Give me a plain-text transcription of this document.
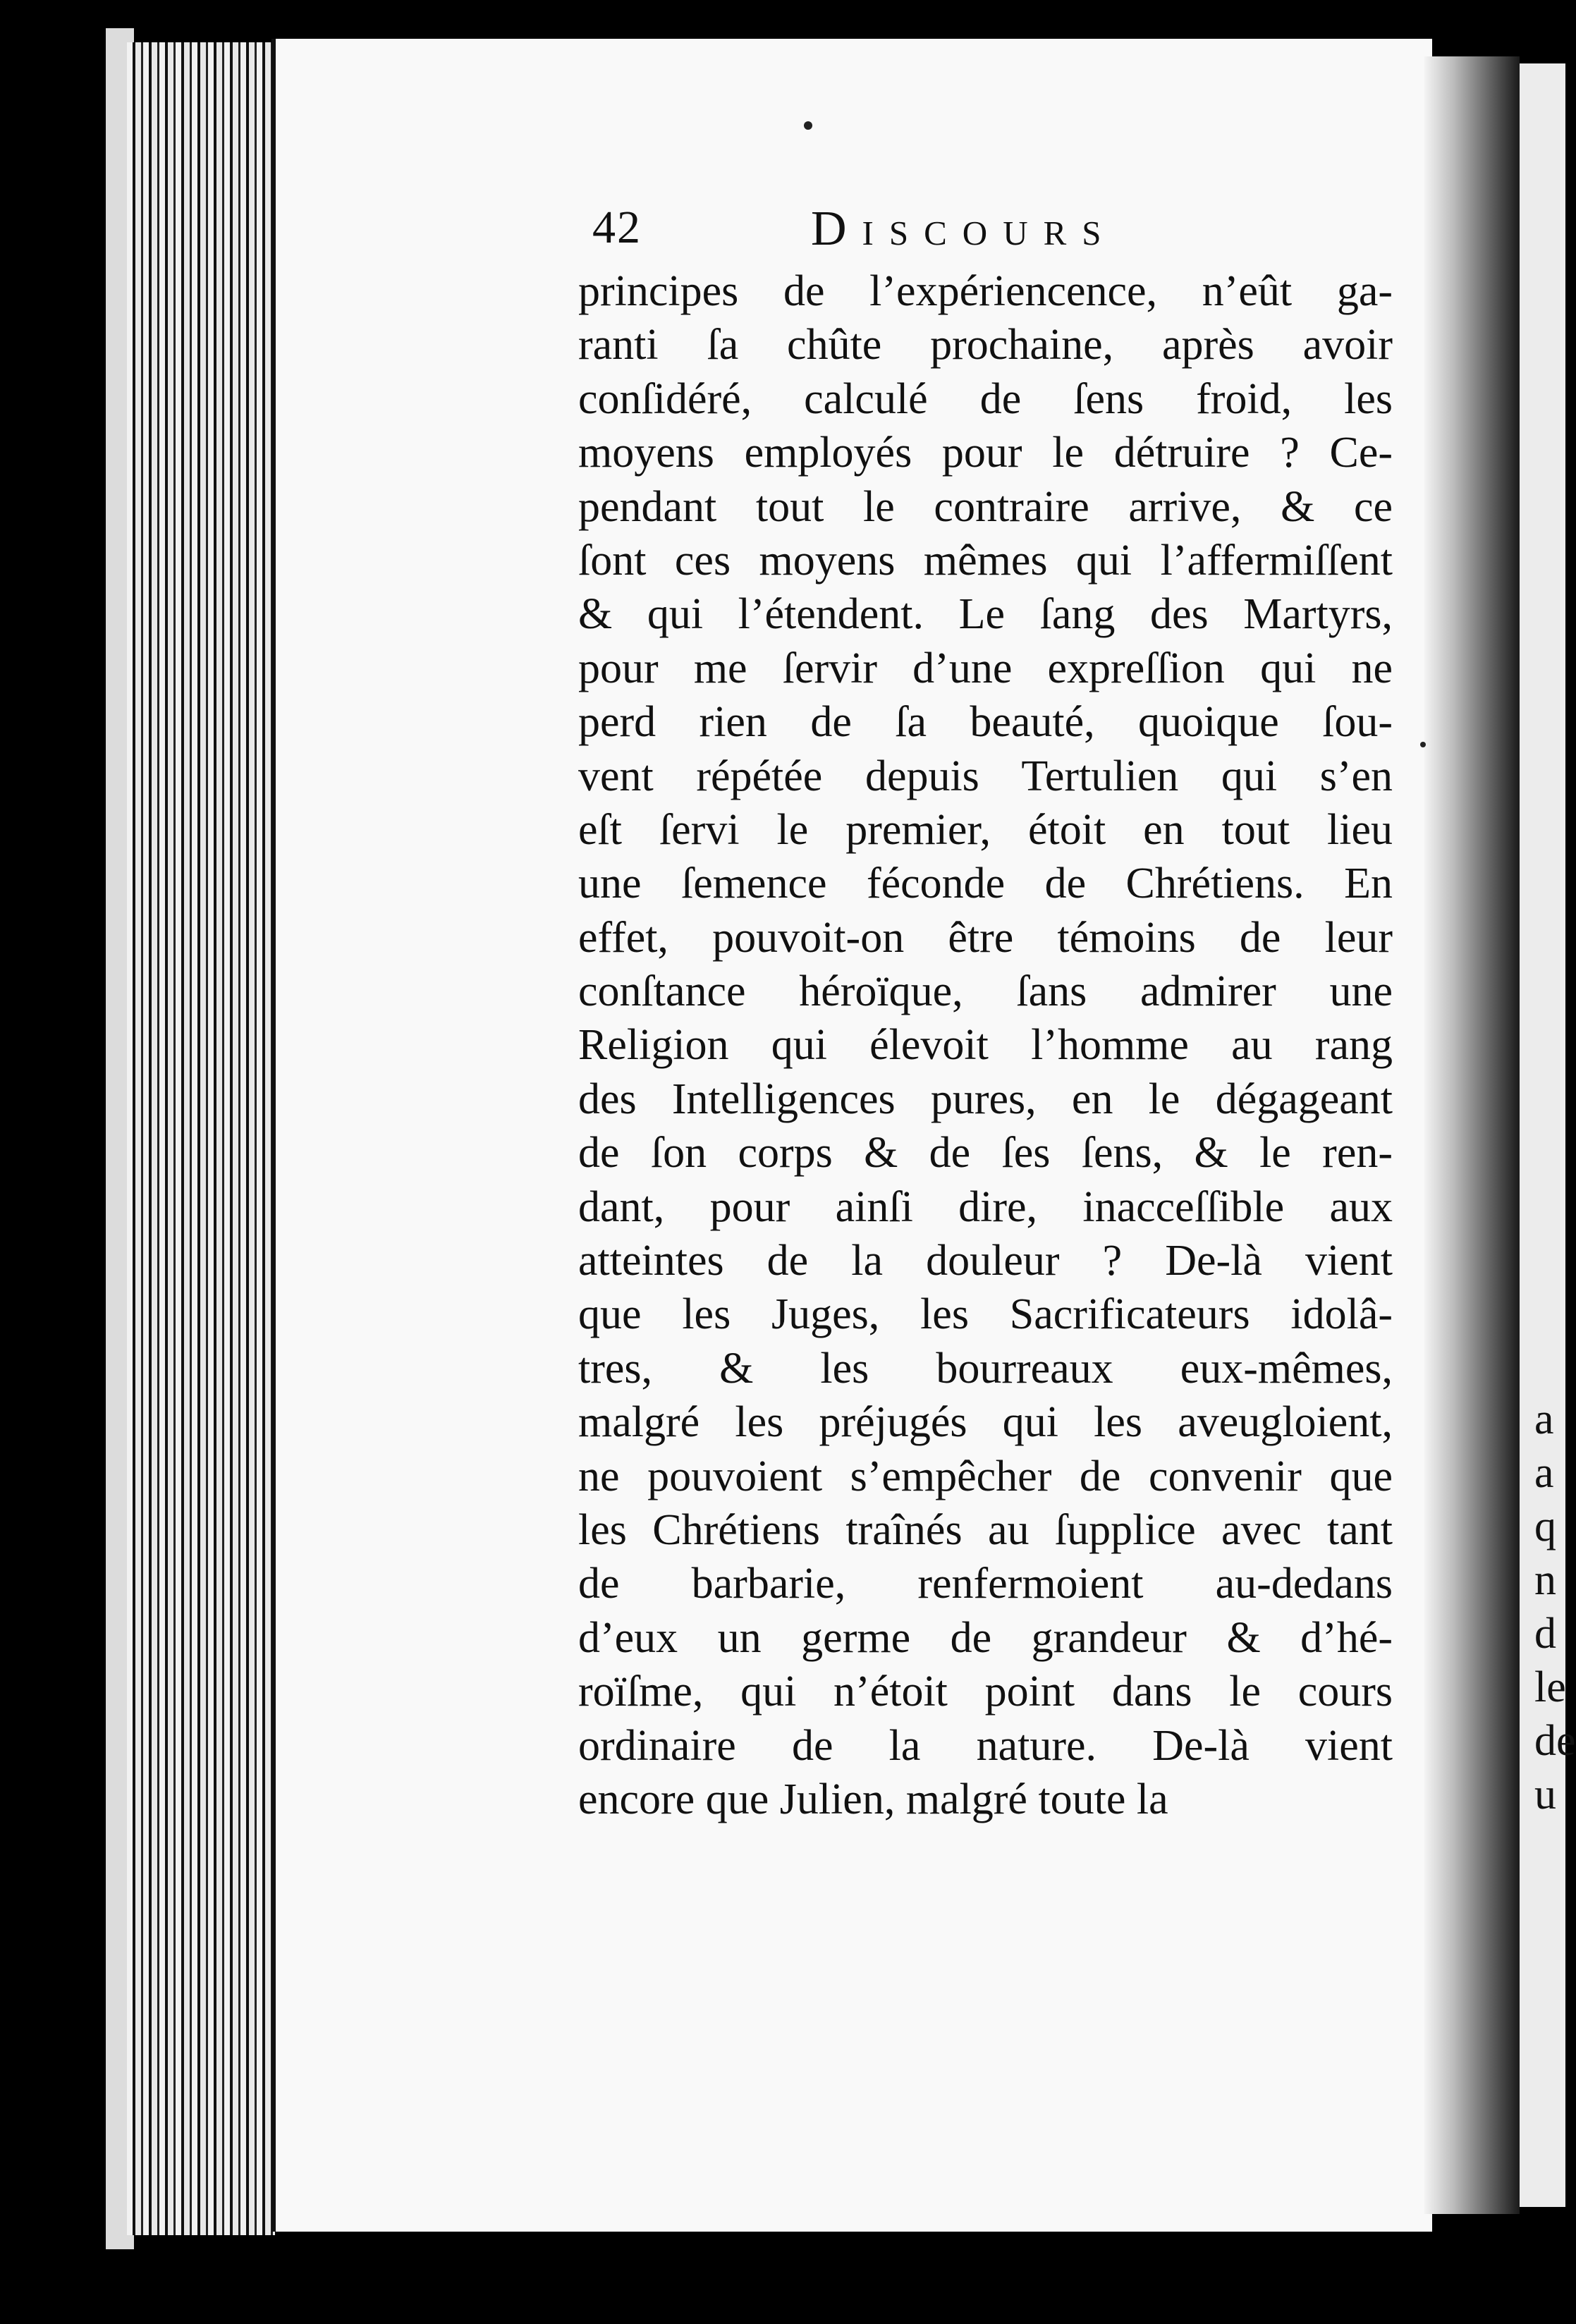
42	Discours
principes de l’expériencence, n’eût ga-
ranti ſa chûte prochaine, après avoir
conſidéré, calculé de ſens froid, les
moyens employés pour le détruire ? Ce-
pendant tout le contraire arrive, & ce
ſont ces moyens mêmes qui l’affermiſſent
& qui l’étendent. Le ſang des Martyrs,
pour me ſervir d’une expreſſion qui ne
perd rien de ſa beauté, quoique ſou-
vent répétée depuis Tertulien qui s’en
eſt ſervi le premier, étoit en tout lieu
une ſemence féconde de Chrétiens. En
effet, pouvoit-on être témoins de leur
conſtance héroïque, ſans admirer une
Religion qui élevoit l’homme au rang
des Intelligences pures, en le dégageant
de ſon corps & de ſes ſens, & le ren-
dant, pour ainſi dire, inacceſſible aux
atteintes de la douleur ? De-là vient
que les Juges, les Sacrificateurs idolâ-
tres, & les bourreaux eux-mêmes,
malgré les préjugés qui les aveugloient,
ne pouvoient s’empêcher de convenir que
les Chrétiens traînés au ſupplice avec tant
de barbarie, renfermoient au-dedans
d’eux un germe de grandeur & d’hé-
roïſme, qui n’étoit point dans le cours
ordinaire de la nature. De-là vient
encore que Julien, malgré toute la
a
a
q
n
d
le
de
u
